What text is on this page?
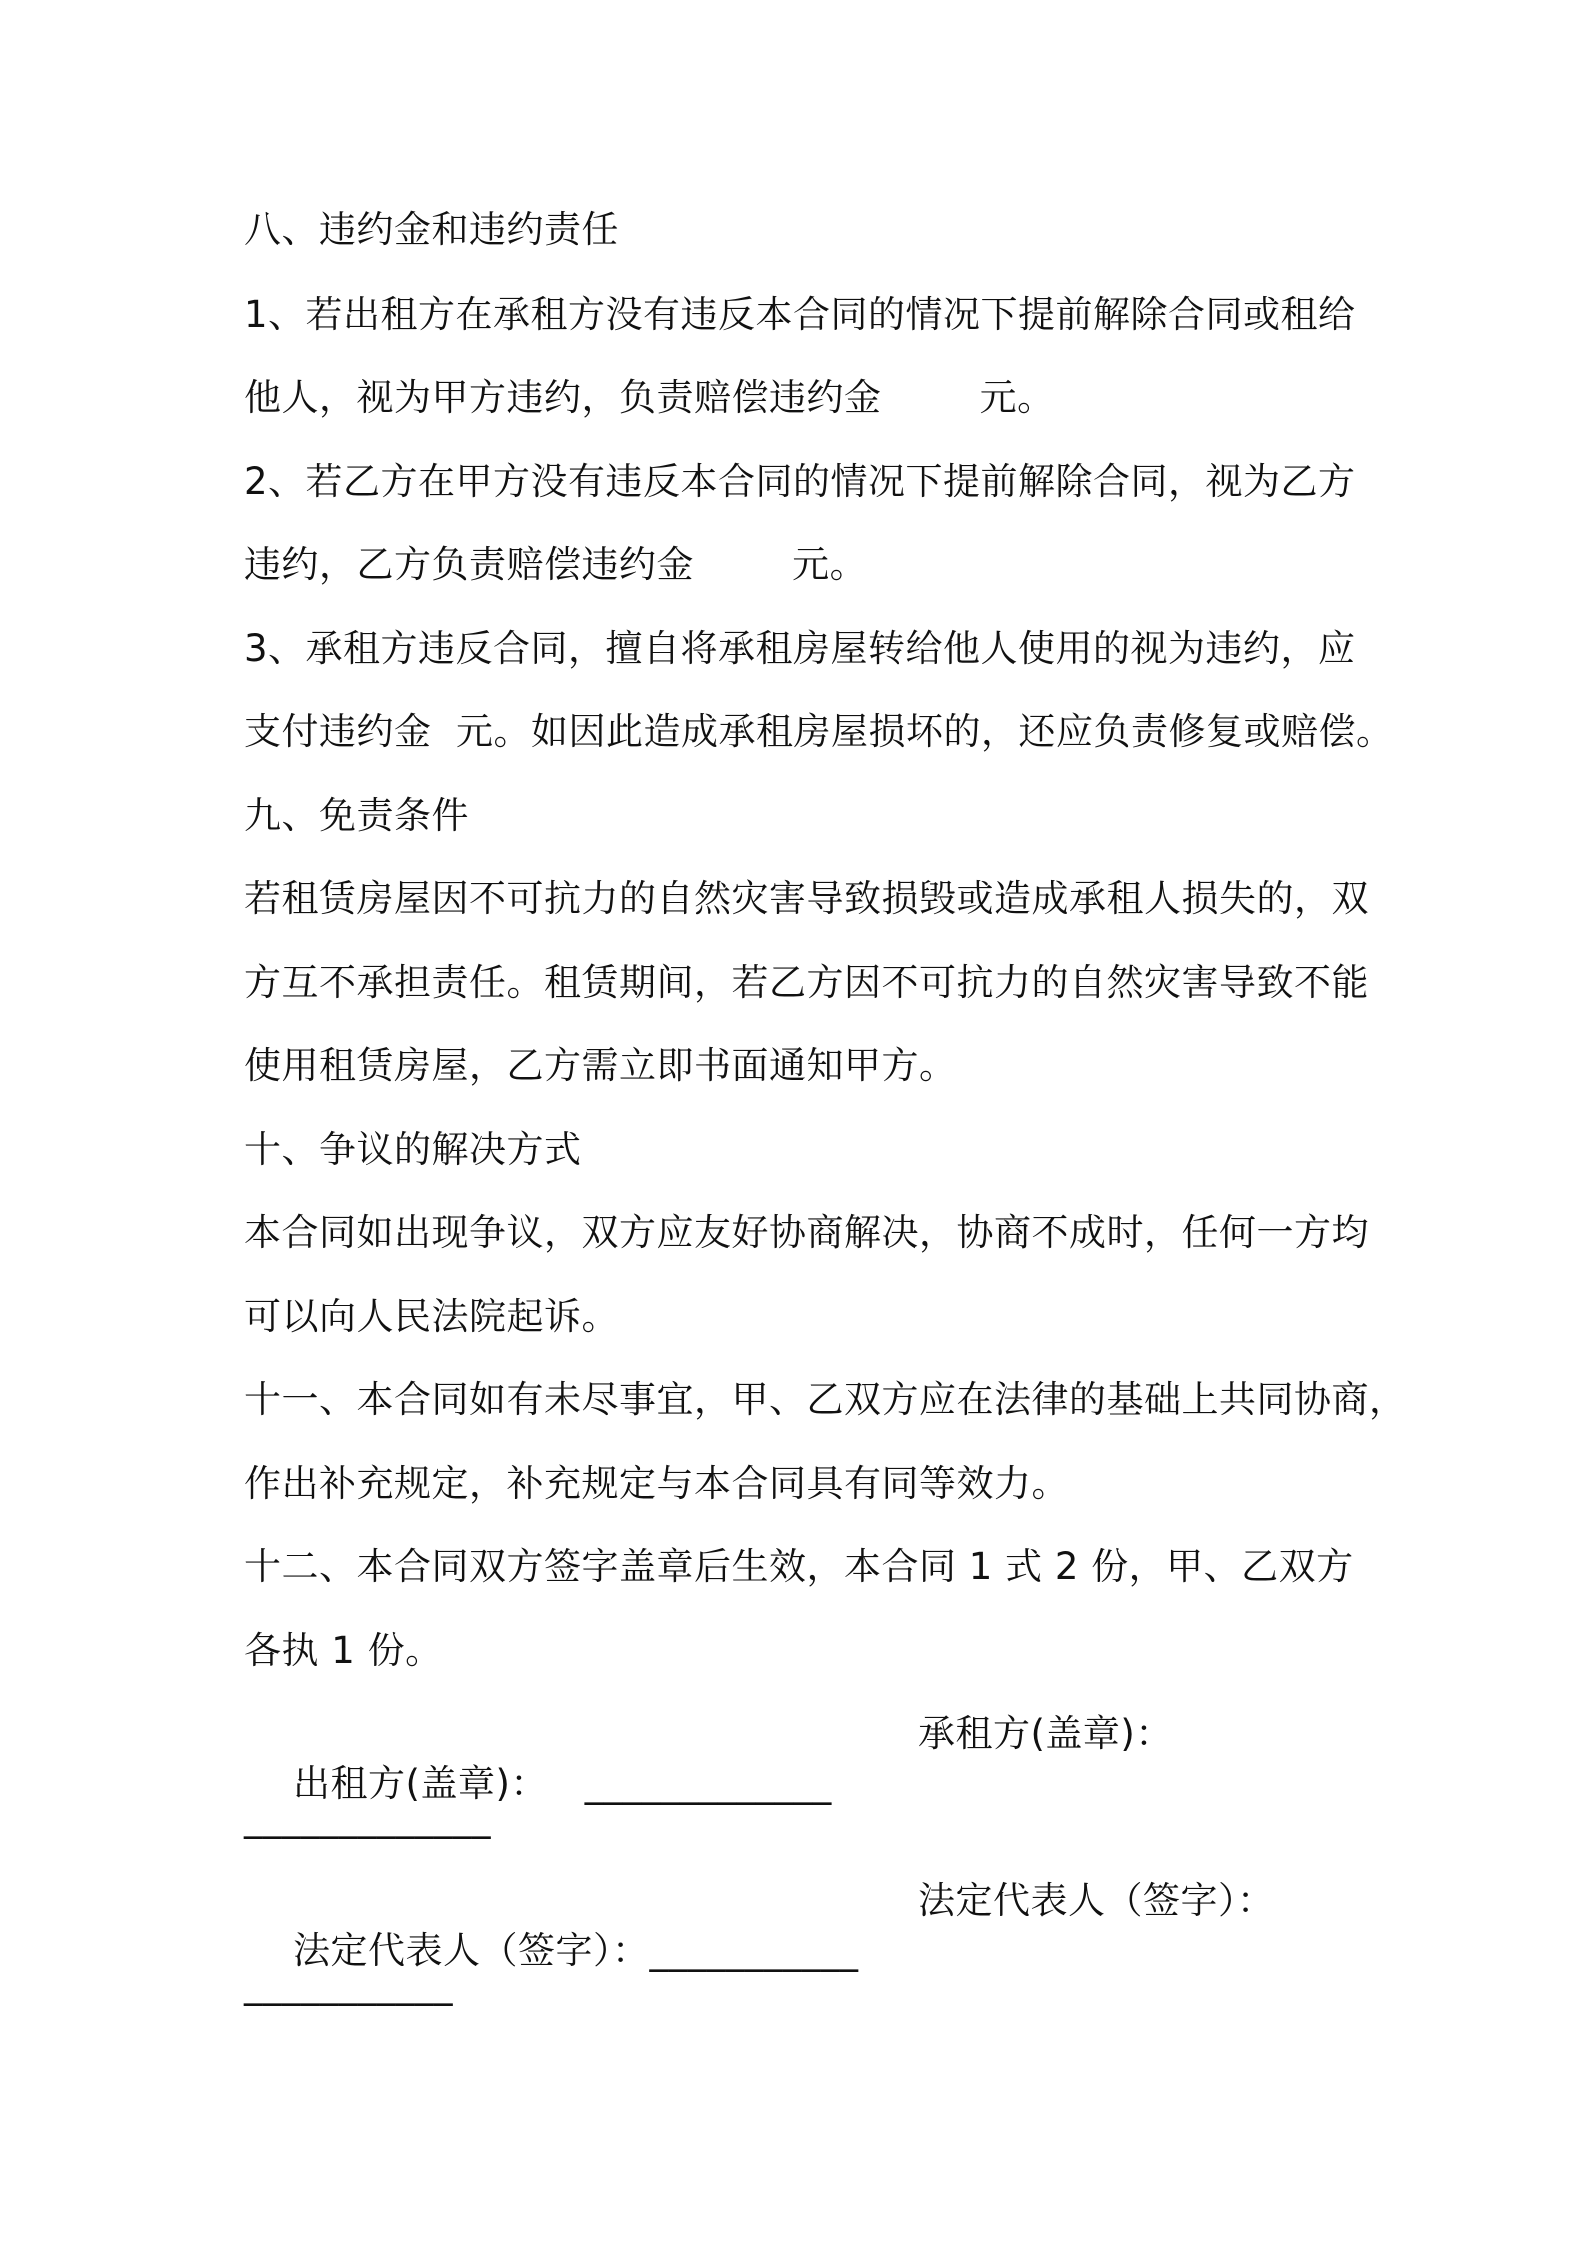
八、违约金和违约责任
1、若出租方在承租方没有违反本合同的情况下提前解除合同或租给
他人，视为甲方违约，负责赔偿违约金        元。
2、若乙方在甲方没有违反本合同的情况下提前解除合同，视为乙方
违约，乙方负责赔偿违约金        元。
3、承租方违反合同，擅自将承租房屋转给他人使用的视为违约，应
支付违约金  元。如因此造成承租房屋损坏的，还应负责修复或赔偿。
九、免责条件
若租赁房屋因不可抗力的自然灾害导致损毁或造成承租人损失的，双
方互不承担责任。租赁期间，若乙方因不可抗力的自然灾害导致不能
使用租赁房屋，乙方需立即书面通知甲方。
十、争议的解决方式
本合同如出现争议，双方应友好协商解决，协商不成时，任何一方均
可以向人民法院起诉。
十一、本合同如有未尽事宜，甲、乙双方应在法律的基础上共同协商，
作出补充规定，补充规定与本合同具有同等效力。
十二、本合同双方签字盖章后生效，本合同 1 式 2 份，甲、乙双方
各执 1 份。

出租方(盖章)：   _____________

承租方(盖章)：

_____________

法定代表人（签字）：___________

法定代表人（签字）：

___________
